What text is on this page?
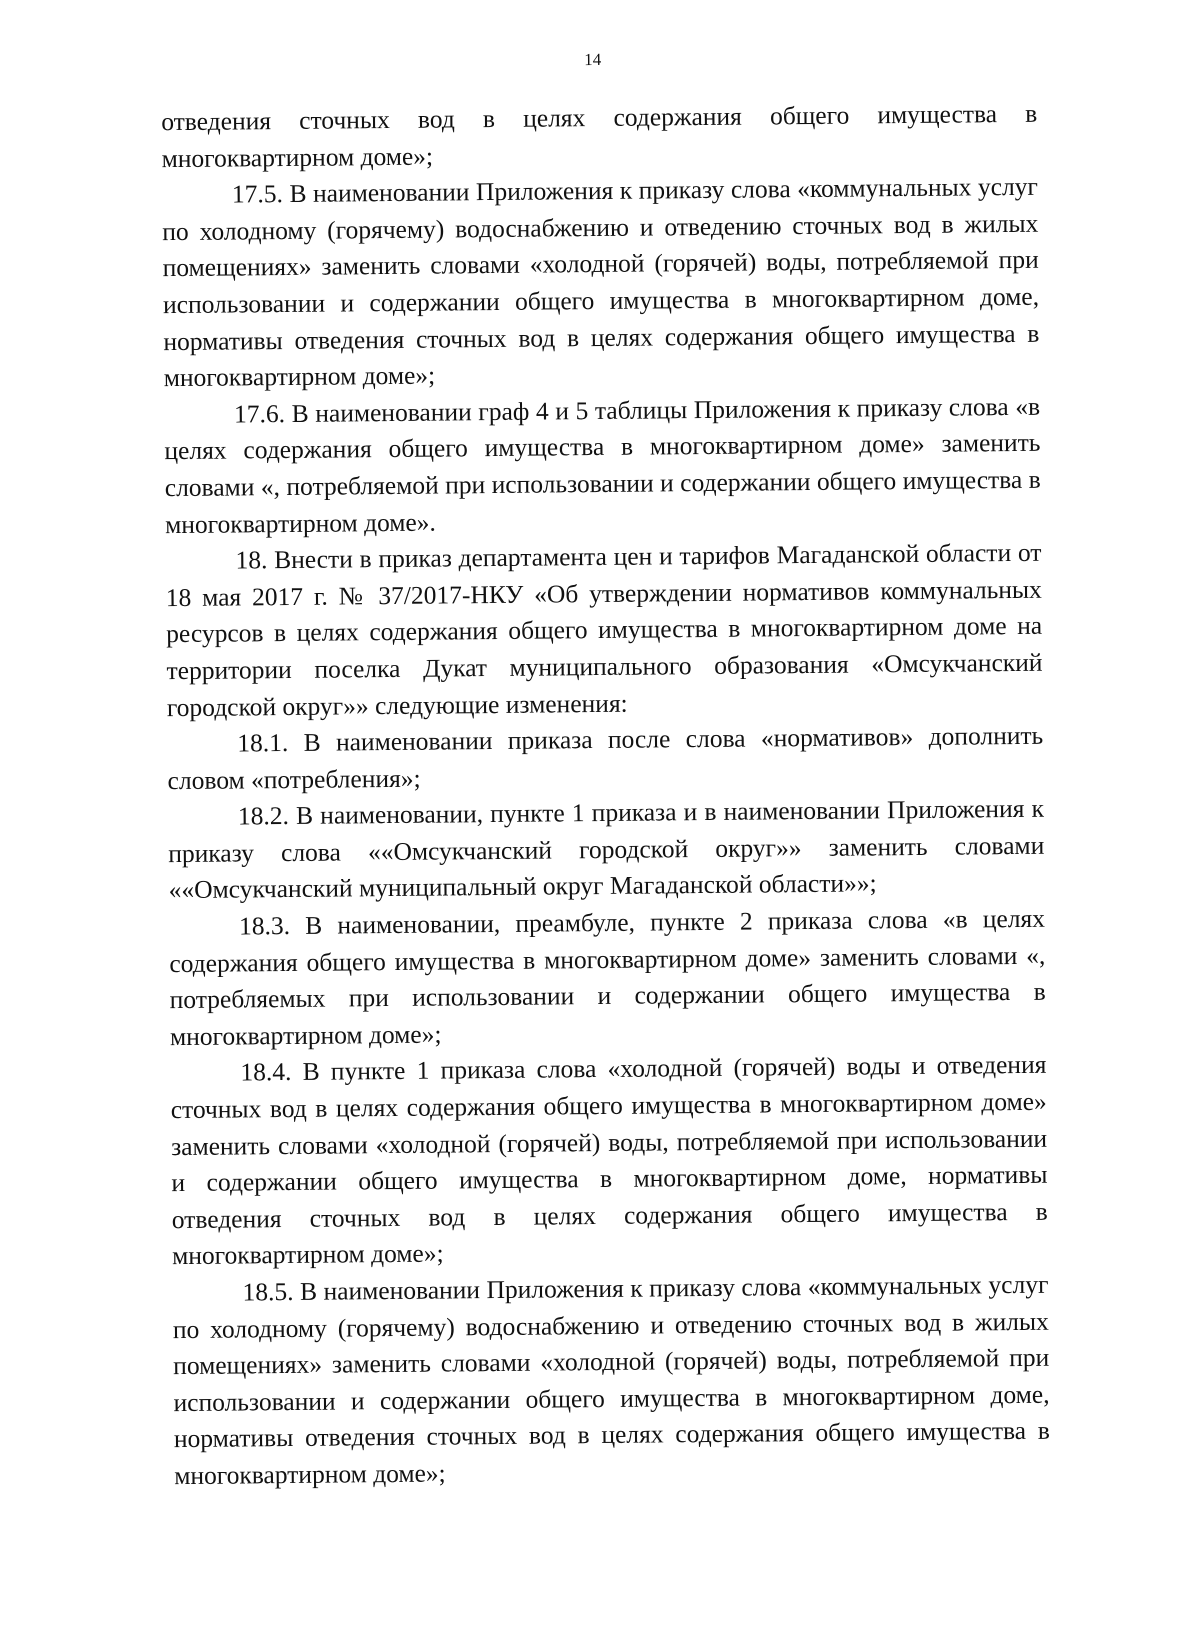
14

отведения сточных вод в целях содержания общего имущества в многоквартирном доме»;

17.5. В наименовании Приложения к приказу слова «коммунальных услуг по холодному (горячему) водоснабжению и отведению сточных вод в жилых помещениях» заменить словами «холодной (горячей) воды, потребляемой при использовании и содержании общего имущества в многоквартирном доме, нормативы отведения сточных вод в целях содержания общего имущества в многоквартирном доме»;

17.6. В наименовании граф 4 и 5 таблицы Приложения к приказу слова «в целях содержания общего имущества в многоквартирном доме» заменить словами «, потребляемой при использовании и содержании общего имущества в многоквартирном доме».

18. Внести в приказ департамента цен и тарифов Магаданской области от 18 мая 2017 г. № 37/2017-НКУ «Об утверждении нормативов коммунальных ресурсов в целях содержания общего имущества в многоквартирном доме на территории поселка Дукат муниципального образования «Омсукчанский городской округ»» следующие изменения:

18.1. В наименовании приказа после слова «нормативов» дополнить словом «потребления»;

18.2. В наименовании, пункте 1 приказа и в наименовании Приложения к приказу слова ««Омсукчанский городской округ»» заменить словами ««Омсукчанский муниципальный округ Магаданской области»»;

18.3. В наименовании, преамбуле, пункте 2 приказа слова «в целях содержания общего имущества в многоквартирном доме» заменить словами «, потребляемых при использовании и содержании общего имущества в многоквартирном доме»;

18.4. В пункте 1 приказа слова «холодной (горячей) воды и отведения сточных вод в целях содержания общего имущества в многоквартирном доме» заменить словами «холодной (горячей) воды, потребляемой при использовании и содержании общего имущества в многоквартирном доме, нормативы отведения сточных вод в целях содержания общего имущества в многоквартирном доме»;

18.5. В наименовании Приложения к приказу слова «коммунальных услуг по холодному (горячему) водоснабжению и отведению сточных вод в жилых помещениях» заменить словами «холодной (горячей) воды, потребляемой при использовании и содержании общего имущества в многоквартирном доме, нормативы отведения сточных вод в целях содержания общего имущества в многоквартирном доме»;
